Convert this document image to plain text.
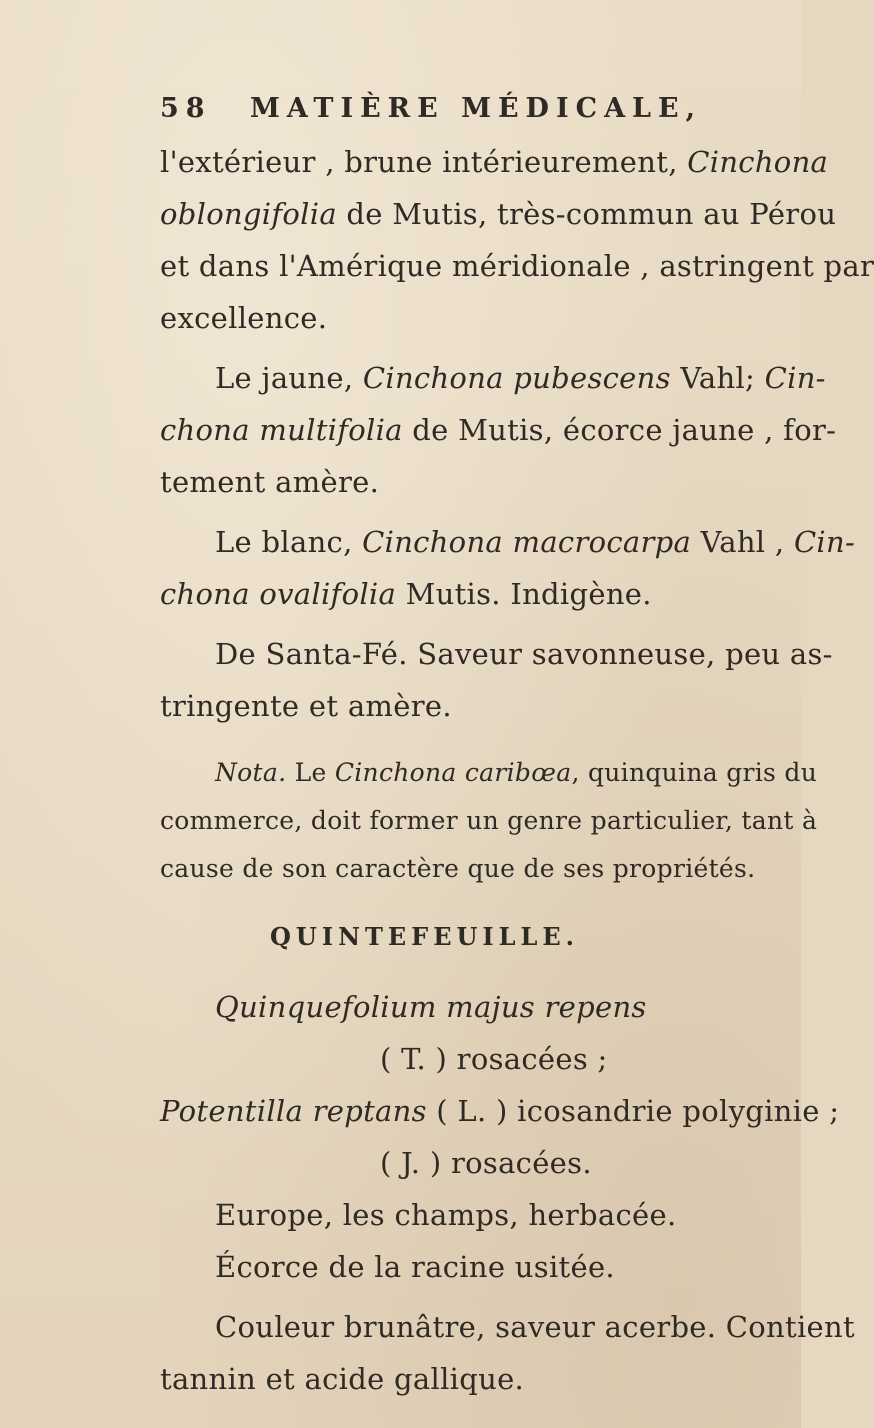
58 MATIÈRE MÉDICALE,
l'extérieur , brune intérieurement, Cinchona
oblongifolia de Mutis, très-commun au Pérou
et dans l'Amérique méridionale , astringent par
excellence.
Le jaune, Cinchona pubescens Vahl; Cin-
chona multifolia de Mutis, écorce jaune , for-
tement amère.
Le blanc, Cinchona macrocarpa Vahl , Cin-
chona ovalifolia Mutis. Indigène.
De Santa-Fé. Saveur savonneuse, peu as-
tringente et amère.
Nota. Le Cinchona caribœa, quinquina gris du
commerce, doit former un genre particulier, tant à
cause de son caractère que de ses propriétés.
QUINTEFEUILLE.
Quinquefolium majus repens
( T. ) rosacées ;
Potentilla reptans ( L. ) icosandrie polyginie ;
( J. ) rosacées.
Europe, les champs, herbacée.
Écorce de la racine usitée.
Couleur brunâtre, saveur acerbe. Contient
tannin et acide gallique.
